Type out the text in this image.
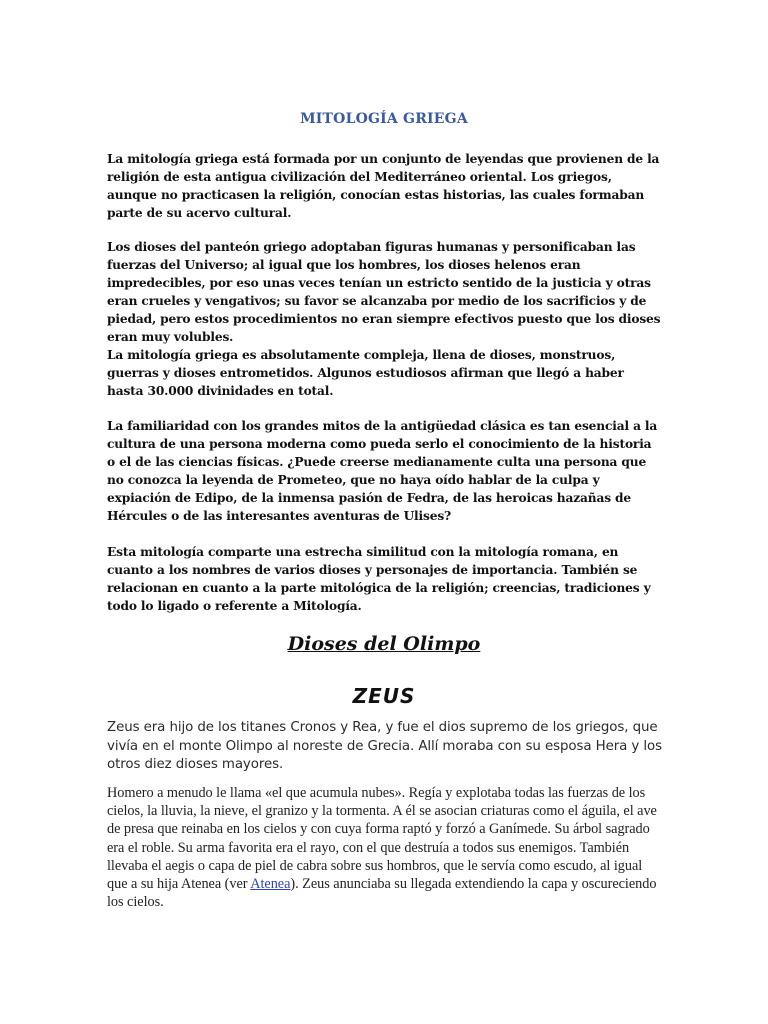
MITOLOGÍA GRIEGA

La mitología griega está formada por un conjunto de leyendas que provienen de la religión de esta antigua civilización del Mediterráneo oriental. Los griegos, aunque no practicasen la religión, conocían estas historias, las cuales formaban parte de su acervo cultural.

Los dioses del panteón griego adoptaban figuras humanas y personificaban las fuerzas del Universo; al igual que los hombres, los dioses helenos eran impredecibles, por eso unas veces tenían un estricto sentido de la justicia y otras eran crueles y vengativos; su favor se alcanzaba por medio de los sacrificios y de piedad, pero estos procedimientos no eran siempre efectivos puesto que los dioses eran muy volubles.

La mitología griega es absolutamente compleja, llena de dioses, monstruos, guerras y dioses entrometidos. Algunos estudiosos afirman que llegó a haber hasta 30.000 divinidades en total.

La familiaridad con los grandes mitos de la antigüedad clásica es tan esencial a la cultura de una persona moderna como pueda serlo el conocimiento de la historia o el de las ciencias físicas. ¿Puede creerse medianamente culta una persona que no conozca la leyenda de Prometeo, que no haya oído hablar de la culpa y expiación de Edipo, de la inmensa pasión de Fedra, de las heroicas hazañas de Hércules o de las interesantes aventuras de Ulises?

Esta mitología comparte una estrecha similitud con la mitología romana, en cuanto a los nombres de varios dioses y personajes de importancia. También se relacionan en cuanto a la parte mitológica de la religión; creencias, tradiciones y todo lo ligado o referente a Mitología.

Dioses del Olimpo
ZEUS

Zeus era hijo de los titanes Cronos y Rea, y fue el dios supremo de los griegos, que vivía en el monte Olimpo al noreste de Grecia. Allí moraba con su esposa Hera y los otros diez dioses mayores.

Homero a menudo le llama «el que acumula nubes». Regía y explotaba todas las fuerzas de los cielos, la lluvia, la nieve, el granizo y la tormenta. A él se asocian criaturas como el águila, el ave de presa que reinaba en los cielos y con cuya forma raptó y forzó a Ganímede. Su árbol sagrado era el roble. Su arma favorita era el rayo, con el que destruía a todos sus enemigos. También llevaba el aegis o capa de piel de cabra sobre sus hombros, que le servía como escudo, al igual que a su hija Atenea (ver Atenea). Zeus anunciaba su llegada extendiendo la capa y oscureciendo los cielos.
